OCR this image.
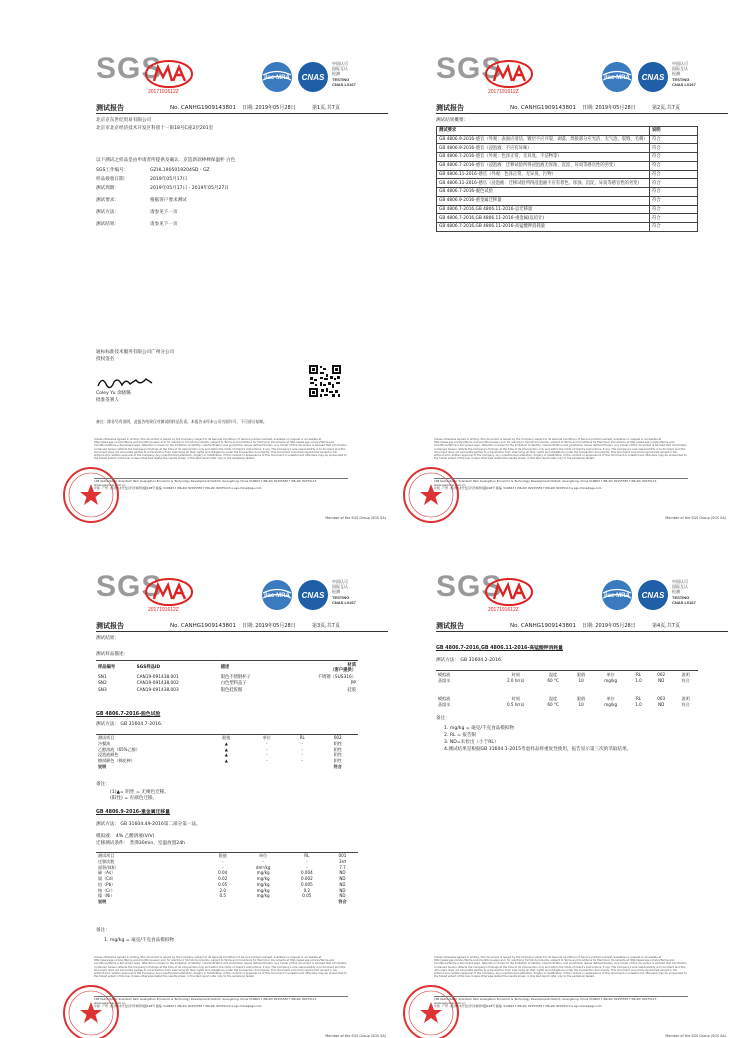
SGS
2017191612Z
ilac-MRA CNAS
中国认可
国际互认
检测
TESTING
CNAS L0167
测试报告	No. CANHG1909143801 日期: 2019年05月28日	第1页,共7页
北京京东世纪贸易有限公司
北京市北京经济技术开发区科创十一街18号C座2层201室
以下测试之样品是由申请者所提供及确认：京造新款棒棒保温杯 白色
SGS工作编号：	GZHL1905019204SD - GZ
样品接收日期：	2019年05月17日
测试周期：	2019年05月17日 - 2019年05月27日
测试要求：	根据客户要求测试
测试方法：	请参见下一页
测试结果：	请参见下一页
通标标准技术服务有限公司广州分公司
授权签名
Coley Yu 余晓璐
批准签署人
备注：除非另有说明，此报告结果仅对测试的样品负责。本报告未经本公司书面许可，不可部分复制。
Unless otherwise agreed in writing, this document is issued by the Company subject to its General Conditions of Service printed overleaf, available on request or accessible at http://www.sgs.com/en/Terms-and-Conditions.aspx and, for electronic format documents, subject to Terms and Conditions for Electronic Documents at http://www.sgs.com/en/Terms-and-Conditions/Terms-e-Document.aspx. Attention is drawn to the limitation of liability, indemnification and jurisdiction issues defined therein. Any holder of this document is advised that information contained hereon reflects the Company's findings at the time of its intervention only and within the limits of Client's instructions, if any. The Company's sole responsibility is to its Client and this document does not exonerate parties to a transaction from exercising all their rights and obligations under the transaction documents. This document cannot be reproduced except in full, without prior written approval of the Company. Any unauthorized alteration, forgery or falsification of the content or appearance of this document is unlawful and offenders may be prosecuted to the fullest extent of the law. Unless otherwise stated the results shown in this test report refer only to the sample(s) tested.
198 Kezhu Road, Scientech Park Guangzhou Economic & Technology Development District, Guangdong, China 510663 t (86-20) 82155555 f (86-20) 82075113 www.sgsgroup.com.cn
中国 · 广州 · 经济技术开发区科学城科珠路198号 邮编: 510663 t (86-20) 82155555 f (86-20) 82075113 e sgs.china@sgs.com
Member of the SGS Group (SGS SA)
SGS
2017191612Z
ilac-MRA CNAS
中国认可
国际互认
检测
TESTING
CNAS L0167
测试报告	No. CANHG1909143801 日期: 2019年05月28日	第2页,共7页
测试结果概要：
测试要求	说明
GB 4806.9-2016-感官（外观：表面应清洁，镀层不应开裂、剥落，焊接部分应光洁，无气泡、裂缝、毛刺）	符合
GB 4806.9-2016-感官（浸泡液：不应有异味）	符合
GB 4806.7-2016-感官（外观：色泽正常，无异臭、不洁物等）	符合
GB 4806.7-2016-感官（浸泡液：迁移试验所得浸泡液无浑浊、沉淀、异臭等感官性的劣变）	符合
GB 4806.11-2016-感官（外观：色泽正常，无异臭、污物）	符合
GB 4806.11-2016-感官（浸泡液：迁移试验所得浸泡液不应有着色、浑浊、沉淀、异臭等感官性的劣变）	符合
GB 4806.7-2016-脱色试验	符合
GB 4806.9-2016-重金属迁移量	符合
GB 4806.7-2016,GB 4806.11-2016-总迁移量	符合
GB 4806.7-2016,GB 4806.11-2016-重金属(以铅计)	符合
GB 4806.7-2016,GB 4806.11-2016-高锰酸钾消耗量	符合
Unless otherwise agreed in writing, this document is issued by the Company subject to its General Conditions of Service printed overleaf, available on request or accessible at http://www.sgs.com/en/Terms-and-Conditions.aspx and, for electronic format documents, subject to Terms and Conditions for Electronic Documents at http://www.sgs.com/en/Terms-and-Conditions/Terms-e-Document.aspx. Attention is drawn to the limitation of liability, indemnification and jurisdiction issues defined therein. Any holder of this document is advised that information contained hereon reflects the Company's findings at the time of its intervention only and within the limits of Client's instructions, if any. The Company's sole responsibility is to its Client and this document does not exonerate parties to a transaction from exercising all their rights and obligations under the transaction documents. This document cannot be reproduced except in full, without prior written approval of the Company. Any unauthorized alteration, forgery or falsification of the content or appearance of this document is unlawful and offenders may be prosecuted to the fullest extent of the law. Unless otherwise stated the results shown in this test report refer only to the sample(s) tested.
198 Kezhu Road, Scientech Park Guangzhou Economic & Technology Development District, Guangdong, China 510663 t (86-20) 82155555 f (86-20) 82075113 www.sgsgroup.com.cn
中国 · 广州 · 经济技术开发区科学城科珠路198号 邮编: 510663 t (86-20) 82155555 f (86-20) 82075113 e sgs.china@sgs.com
Member of the SGS Group (SGS SA)
SGS
2017191612Z
ilac-MRA CNAS
中国认可
国际互认
检测
TESTING
CNAS L0167
测试报告	No. CANHG1909143801 日期: 2019年05月28日	第3页,共7页
测试结果：
测试样品描述：
样品编号	SGS样品ID	描述	材质
（客户提供）
SN1	CAN19-091438.001	银色不锈钢杯子	不锈钢（SUS316）
SN2	CAN19-091438.002	白色塑料盖子	PP
SN3	CAN19-091438.003	银色硅胶圈	硅胶
GB 4806.7-2016-脱色试验
测试方法： GB 31604.7-2016.
测试项目	限值	单位	RL	002
冷餐油	▲	-	-	阴性
乙醇溶液（65%乙醇）	▲	-	-	阴性
浸泡液颜色	▲	-	-	阴性
擦拭颜色（棉花棒）	▲	-	-	阴性
说明				符合
备注：
(1)▲= 阴性 = 无褪色迁移。
(阳性) = 有颜色迁移。
GB 4806.9-2016-重金属迁移量
测试方法： GB 31604.49-2016第二部分第一法。
模拟液： 4% 乙酸溶液(V/V)
迁移测试条件： 煮沸30min，室温放置24h
测试项目	限值	单位	RL	001
迁移次数	-	-	-	3rd
面积/体积	-	dm²/kg	-	7.7
砷（As）	0.04	mg/kg	0.004	ND
镉（Cd）	0.02	mg/kg	0.002	ND
铅（Pb）	0.05	mg/kg	0.005	ND
铬（Cr）	2.0	mg/kg	0.2	ND
镍（Ni）	0.5	mg/kg	0.05	ND
说明				符合
备注：
1. mg/kg = 毫克/千克食品模拟物
Unless otherwise agreed in writing, this document is issued by the Company subject to its General Conditions of Service printed overleaf, available on request or accessible at http://www.sgs.com/en/Terms-and-Conditions.aspx and, for electronic format documents, subject to Terms and Conditions for Electronic Documents at http://www.sgs.com/en/Terms-and-Conditions/Terms-e-Document.aspx. Attention is drawn to the limitation of liability, indemnification and jurisdiction issues defined therein. Any holder of this document is advised that information contained hereon reflects the Company's findings at the time of its intervention only and within the limits of Client's instructions, if any. The Company's sole responsibility is to its Client and this document does not exonerate parties to a transaction from exercising all their rights and obligations under the transaction documents. This document cannot be reproduced except in full, without prior written approval of the Company. Any unauthorized alteration, forgery or falsification of the content or appearance of this document is unlawful and offenders may be prosecuted to the fullest extent of the law. Unless otherwise stated the results shown in this test report refer only to the sample(s) tested.
198 Kezhu Road, Scientech Park Guangzhou Economic & Technology Development District, Guangdong, China 510663 t (86-20) 82155555 f (86-20) 82075113 www.sgsgroup.com.cn
中国 · 广州 · 经济技术开发区科学城科珠路198号 邮编: 510663 t (86-20) 82155555 f (86-20) 82075113 e sgs.china@sgs.com
Member of the SGS Group (SGS SA)
SGS
2017191612Z
ilac-MRA CNAS
中国认可
国际互认
检测
TESTING
CNAS L0167
测试报告	No. CANHG1909143801 日期: 2019年05月28日	第4页,共7页
GB 4806.7-2016,GB 4806.11-2016-高锰酸钾消耗量
测试方法： GB 31604.2-2016.
模拟液	时间	温度	限值	单位	RL	002	说明
蒸馏水	2.0 hr(s)	60 °C	10	mg/kg	1.0	ND	符合
模拟液	时间	温度	限值	单位	RL	003	说明
蒸馏水	0.5 hr(s)	60 °C	10	mg/kg	1.0	ND	符合
备注：
1. mg/kg = 毫克/千克食品模拟物
2. RL = 报告限
3. ND=未检出（小于RL）
4.测试结果是根据GB 31604.1-2015考虑样品将重复性使用，报告显示第三次的萃取结果。
Unless otherwise agreed in writing, this document is issued by the Company subject to its General Conditions of Service printed overleaf, available on request or accessible at http://www.sgs.com/en/Terms-and-Conditions.aspx and, for electronic format documents, subject to Terms and Conditions for Electronic Documents at http://www.sgs.com/en/Terms-and-Conditions/Terms-e-Document.aspx. Attention is drawn to the limitation of liability, indemnification and jurisdiction issues defined therein. Any holder of this document is advised that information contained hereon reflects the Company's findings at the time of its intervention only and within the limits of Client's instructions, if any. The Company's sole responsibility is to its Client and this document does not exonerate parties to a transaction from exercising all their rights and obligations under the transaction documents. This document cannot be reproduced except in full, without prior written approval of the Company. Any unauthorized alteration, forgery or falsification of the content or appearance of this document is unlawful and offenders may be prosecuted to the fullest extent of the law. Unless otherwise stated the results shown in this test report refer only to the sample(s) tested.
198 Kezhu Road, Scientech Park Guangzhou Economic & Technology Development District, Guangdong, China 510663 t (86-20) 82155555 f (86-20) 82075113 www.sgsgroup.com.cn
中国 · 广州 · 经济技术开发区科学城科珠路198号 邮编: 510663 t (86-20) 82155555 f (86-20) 82075113 e sgs.china@sgs.com
Member of the SGS Group (SGS SA)
